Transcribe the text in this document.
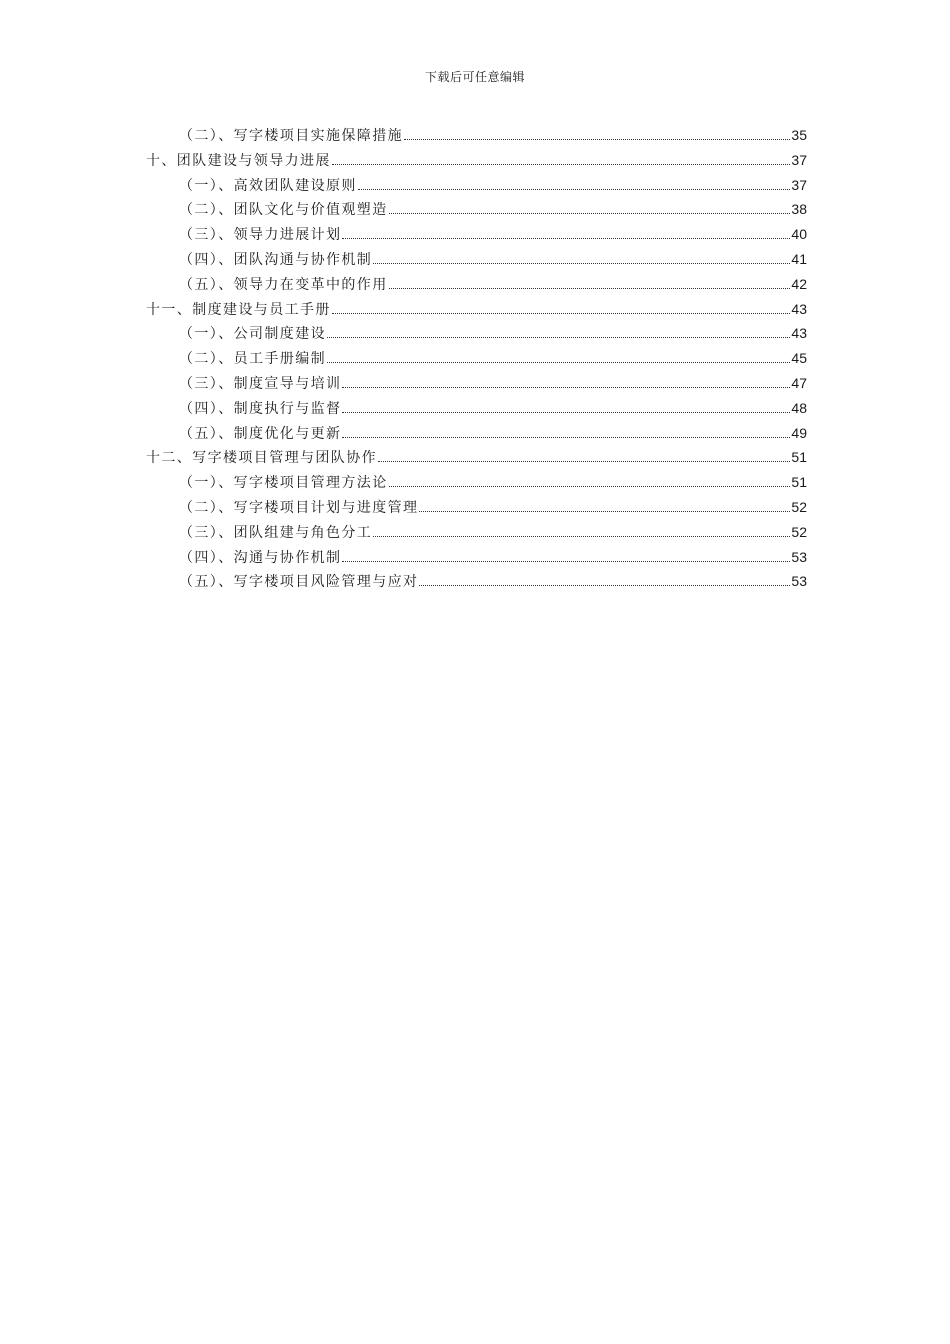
下载后可任意编辑
（二）、写字楼项目实施保障措施	35
十、团队建设与领导力进展	37
（一）、高效团队建设原则	37
（二）、团队文化与价值观塑造	38
（三）、领导力进展计划	40
（四）、团队沟通与协作机制	41
（五）、领导力在变革中的作用	42
十一、制度建设与员工手册	43
（一）、公司制度建设	43
（二）、员工手册编制	45
（三）、制度宣导与培训	47
（四）、制度执行与监督	48
（五）、制度优化与更新	49
十二、写字楼项目管理与团队协作	51
（一）、写字楼项目管理方法论	51
（二）、写字楼项目计划与进度管理	52
（三）、团队组建与角色分工	52
（四）、沟通与协作机制	53
（五）、写字楼项目风险管理与应对	53
